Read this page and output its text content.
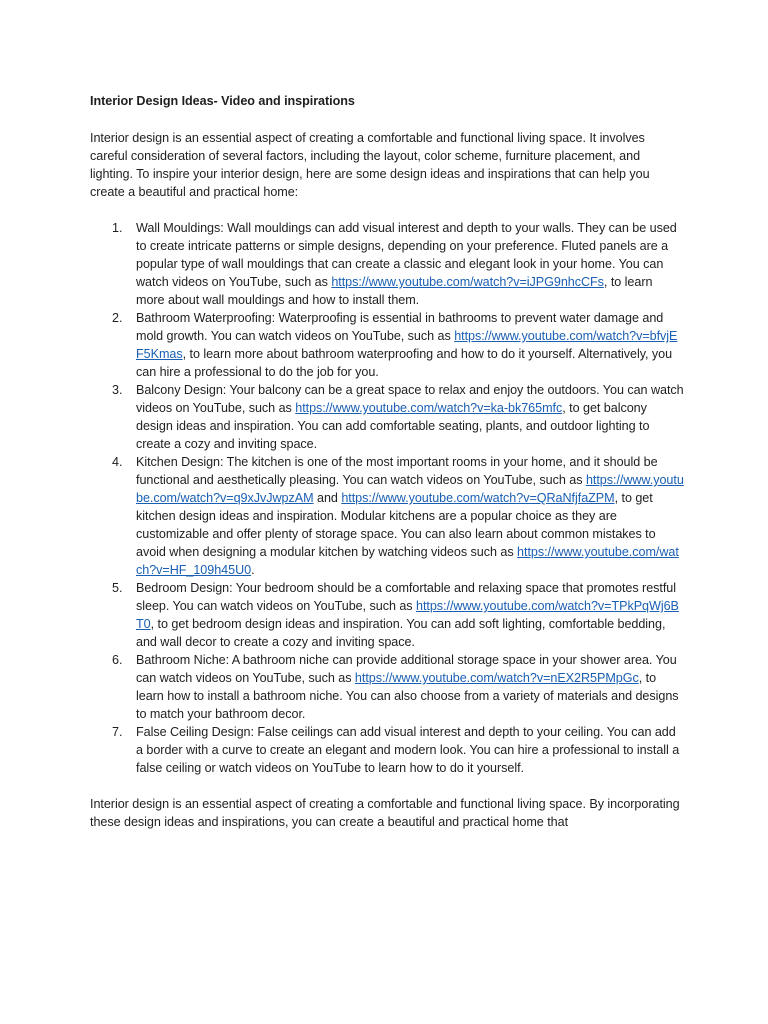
Interior Design Ideas- Video and inspirations

Interior design is an essential aspect of creating a comfortable and functional living space. It involves careful consideration of several factors, including the layout, color scheme, furniture placement, and lighting. To inspire your interior design, here are some design ideas and inspirations that can help you create a beautiful and practical home:

1. Wall Mouldings: Wall mouldings can add visual interest and depth to your walls. They can be used to create intricate patterns or simple designs, depending on your preference. Fluted panels are a popular type of wall mouldings that can create a classic and elegant look in your home. You can watch videos on YouTube, such as https://www.youtube.com/watch?v=iJPG9nhcCFs, to learn more about wall mouldings and how to install them.
2. Bathroom Waterproofing: Waterproofing is essential in bathrooms to prevent water damage and mold growth. You can watch videos on YouTube, such as https://www.youtube.com/watch?v=bfvjEF5Kmas, to learn more about bathroom waterproofing and how to do it yourself. Alternatively, you can hire a professional to do the job for you.
3. Balcony Design: Your balcony can be a great space to relax and enjoy the outdoors. You can watch videos on YouTube, such as https://www.youtube.com/watch?v=ka-bk765mfc, to get balcony design ideas and inspiration. You can add comfortable seating, plants, and outdoor lighting to create a cozy and inviting space.
4. Kitchen Design: The kitchen is one of the most important rooms in your home, and it should be functional and aesthetically pleasing. You can watch videos on YouTube, such as https://www.youtube.com/watch?v=q9xJvJwpzAM and https://www.youtube.com/watch?v=QRaNfjfaZPM, to get kitchen design ideas and inspiration. Modular kitchens are a popular choice as they are customizable and offer plenty of storage space. You can also learn about common mistakes to avoid when designing a modular kitchen by watching videos such as https://www.youtube.com/watch?v=HF_109h45U0.
5. Bedroom Design: Your bedroom should be a comfortable and relaxing space that promotes restful sleep. You can watch videos on YouTube, such as https://www.youtube.com/watch?v=TPkPqWj6BT0, to get bedroom design ideas and inspiration. You can add soft lighting, comfortable bedding, and wall decor to create a cozy and inviting space.
6. Bathroom Niche: A bathroom niche can provide additional storage space in your shower area. You can watch videos on YouTube, such as https://www.youtube.com/watch?v=nEX2R5PMpGc, to learn how to install a bathroom niche. You can also choose from a variety of materials and designs to match your bathroom decor.
7. False Ceiling Design: False ceilings can add visual interest and depth to your ceiling. You can add a border with a curve to create an elegant and modern look. You can hire a professional to install a false ceiling or watch videos on YouTube to learn how to do it yourself.

Interior design is an essential aspect of creating a comfortable and functional living space. By incorporating these design ideas and inspirations, you can create a beautiful and practical home that
